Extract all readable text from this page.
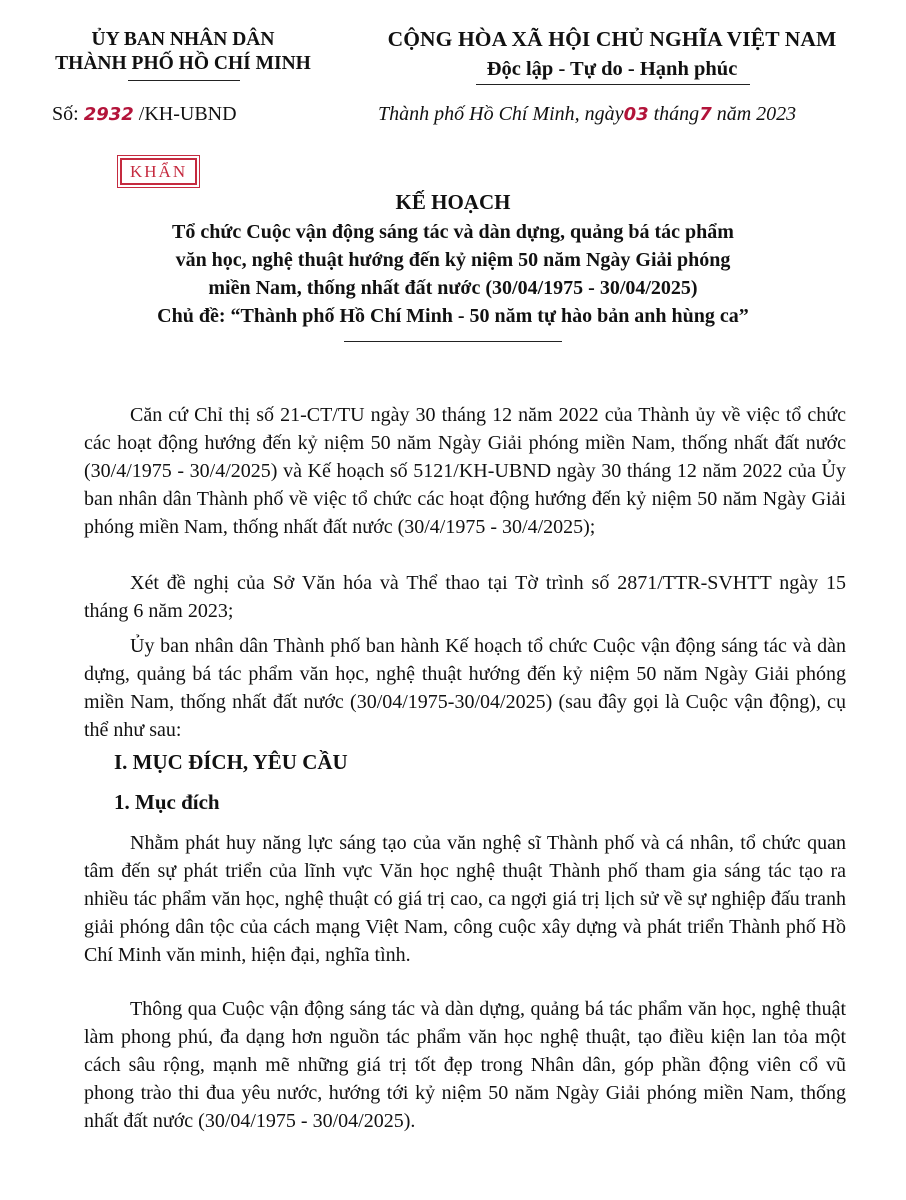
ỦY BAN NHÂN DÂN
THÀNH PHỐ HỒ CHÍ MINH
CỘNG HÒA XÃ HỘI CHỦ NGHĨA VIỆT NAM
Độc lập - Tự do - Hạnh phúc
Số: 2932 /KH-UBND	Thành phố Hồ Chí Minh, ngày03 tháng7 năm 2023
KHẨN
KẾ HOẠCH
Tổ chức Cuộc vận động sáng tác và dàn dựng, quảng bá tác phẩm
văn học, nghệ thuật hướng đến kỷ niệm 50 năm Ngày Giải phóng
miền Nam, thống nhất đất nước (30/04/1975 - 30/04/2025)
Chủ đề: “Thành phố Hồ Chí Minh - 50 năm tự hào bản anh hùng ca”

Căn cứ Chỉ thị số 21-CT/TU ngày 30 tháng 12 năm 2022 của Thành ủy về việc tổ chức các hoạt động hướng đến kỷ niệm 50 năm Ngày Giải phóng miền Nam, thống nhất đất nước (30/4/1975 - 30/4/2025) và Kế hoạch số 5121/KH-UBND ngày 30 tháng 12 năm 2022 của Ủy ban nhân dân Thành phố về việc tổ chức các hoạt động hướng đến kỷ niệm 50 năm Ngày Giải phóng miền Nam, thống nhất đất nước (30/4/1975 - 30/4/2025);

Xét đề nghị của Sở Văn hóa và Thể thao tại Tờ trình số 2871/TTR-SVHTT ngày 15 tháng 6 năm 2023;

Ủy ban nhân dân Thành phố ban hành Kế hoạch tổ chức Cuộc vận động sáng tác và dàn dựng, quảng bá tác phẩm văn học, nghệ thuật hướng đến kỷ niệm 50 năm Ngày Giải phóng miền Nam, thống nhất đất nước (30/04/1975-30/04/2025) (sau đây gọi là Cuộc vận động), cụ thể như sau:

I. MỤC ĐÍCH, YÊU CẦU
1. Mục đích

Nhằm phát huy năng lực sáng tạo của văn nghệ sĩ Thành phố và cá nhân, tổ chức quan tâm đến sự phát triển của lĩnh vực Văn học nghệ thuật Thành phố tham gia sáng tác tạo ra nhiều tác phẩm văn học, nghệ thuật có giá trị cao, ca ngợi giá trị lịch sử về sự nghiệp đấu tranh giải phóng dân tộc của cách mạng Việt Nam, công cuộc xây dựng và phát triển Thành phố Hồ Chí Minh văn minh, hiện đại, nghĩa tình.

Thông qua Cuộc vận động sáng tác và dàn dựng, quảng bá tác phẩm văn học, nghệ thuật làm phong phú, đa dạng hơn nguồn tác phẩm văn học nghệ thuật, tạo điều kiện lan tỏa một cách sâu rộng, mạnh mẽ những giá trị tốt đẹp trong Nhân dân, góp phần động viên cổ vũ phong trào thi đua yêu nước, hướng tới kỷ niệm 50 năm Ngày Giải phóng miền Nam, thống nhất đất nước (30/04/1975 - 30/04/2025).
